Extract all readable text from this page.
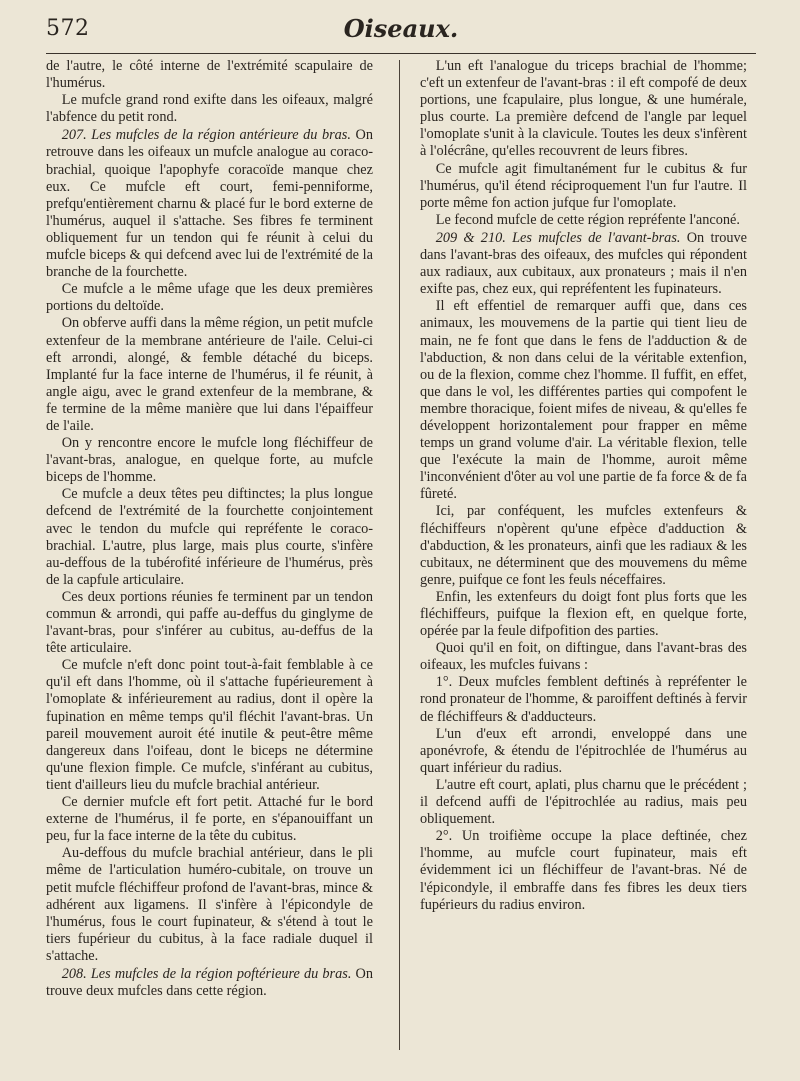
572	Oiseaux.

de l'autre, le côté interne de l'extrémité scapulaire de l'humérus.

Le mufcle grand rond exifte dans les oifeaux, malgré l'abfence du petit rond.

207. Les mufcles de la région antérieure du bras. On retrouve dans les oifeaux un mufcle analogue au coraco-brachial, quoique l'apophyfe coracoïde manque chez eux. Ce mufcle eft court, femi-penniforme, prefqu'entièrement charnu & placé fur le bord externe de l'humérus, auquel il s'attache. Ses fibres fe terminent obliquement fur un tendon qui fe réunit à celui du mufcle biceps & qui defcend avec lui de l'extrémité de la branche de la fourchette.

Ce mufcle a le même ufage que les deux premières portions du deltoïde.

On obferve auffi dans la même région, un petit mufcle extenfeur de la membrane antérieure de l'aile. Celui-ci eft arrondi, alongé, & femble détaché du biceps. Implanté fur la face interne de l'humérus, il fe réunit, à angle aigu, avec le grand extenfeur de la membrane, & fe termine de la même manière que lui dans l'épaiffeur de l'aile.

On y rencontre encore le mufcle long fléchiffeur de l'avant-bras, analogue, en quelque forte, au mufcle biceps de l'homme.

Ce mufcle a deux têtes peu diftinctes; la plus longue defcend de l'extrémité de la fourchette conjointement avec le tendon du mufcle qui repréfente le coraco-brachial. L'autre, plus large, mais plus courte, s'infère au-deffous de la tubérofité inférieure de l'humérus, près de la capfule articulaire.

Ces deux portions réunies fe terminent par un tendon commun & arrondi, qui paffe au-deffus du ginglyme de l'avant-bras, pour s'inférer au cubitus, au-deffus de la tête articulaire.

Ce mufcle n'eft donc point tout-à-fait femblable à ce qu'il eft dans l'homme, où il s'attache fupérieurement à l'omoplate & inférieurement au radius, dont il opère la fupination en même temps qu'il fléchit l'avant-bras. Un pareil mouvement auroit été inutile & peut-être même dangereux dans l'oifeau, dont le biceps ne détermine qu'une flexion fimple. Ce mufcle, s'inférant au cubitus, tient d'ailleurs lieu du mufcle brachial antérieur.

Ce dernier mufcle eft fort petit. Attaché fur le bord externe de l'humérus, il fe porte, en s'épanouiffant un peu, fur la face interne de la tête du cubitus.

Au-deffous du mufcle brachial antérieur, dans le pli même de l'articulation huméro-cubitale, on trouve un petit mufcle fléchiffeur profond de l'avant-bras, mince & adhérent aux ligamens. Il s'infère à l'épicondyle de l'humérus, fous le court fupinateur, & s'étend à tout le tiers fupérieur du cubitus, à la face radiale duquel il s'attache.

208. Les mufcles de la région poftérieure du bras. On trouve deux mufcles dans cette région.

L'un eft l'analogue du triceps brachial de l'homme; c'eft un extenfeur de l'avant-bras : il eft compofé de deux portions, une fcapulaire, plus longue, & une humérale, plus courte. La première defcend de l'angle par lequel l'omoplate s'unit à la clavicule. Toutes les deux s'infèrent à l'olécrâne, qu'elles recouvrent de leurs fibres.

Ce mufcle agit fimultanément fur le cubitus & fur l'humérus, qu'il étend réciproquement l'un fur l'autre. Il porte même fon action jufque fur l'omoplate.

Le fecond mufcle de cette région repréfente l'anconé.

209 & 210. Les mufcles de l'avant-bras. On trouve dans l'avant-bras des oifeaux, des mufcles qui répondent aux radiaux, aux cubitaux, aux pronateurs ; mais il n'en exifte pas, chez eux, qui repréfentent les fupinateurs.

Il eft effentiel de remarquer auffi que, dans ces animaux, les mouvemens de la partie qui tient lieu de main, ne fe font que dans le fens de l'adduction & de l'abduction, & non dans celui de la véritable extenfion, ou de la flexion, comme chez l'homme. Il fuffit, en effet, que dans le vol, les différentes parties qui compofent le membre thoracique, foient mifes de niveau, & qu'elles fe développent horizontalement pour frapper en même temps un grand volume d'air. La véritable flexion, telle que l'exécute la main de l'homme, auroit même l'inconvénient d'ôter au vol une partie de fa force & de fa fûreté.

Ici, par conféquent, les mufcles extenfeurs & fléchiffeurs n'opèrent qu'une efpèce d'adduction & d'abduction, & les pronateurs, ainfi que les radiaux & les cubitaux, ne déterminent que des mouvemens du même genre, puifque ce font les feuls néceffaires.

Enfin, les extenfeurs du doigt font plus forts que les fléchiffeurs, puifque la flexion eft, en quelque forte, opérée par la feule difpofition des parties.

Quoi qu'il en foit, on diftingue, dans l'avant-bras des oifeaux, les mufcles fuivans :

1°. Deux mufcles femblent deftinés à repréfenter le rond pronateur de l'homme, & paroiffent deftinés à fervir de fléchiffeurs & d'adducteurs.

L'un d'eux eft arrondi, enveloppé dans une aponévrofe, & étendu de l'épitrochlée de l'humérus au quart inférieur du radius.

L'autre eft court, aplati, plus charnu que le précédent ; il defcend auffi de l'épitrochlée au radius, mais peu obliquement.

2°. Un troifième occupe la place deftinée, chez l'homme, au mufcle court fupinateur, mais eft évidemment ici un fléchiffeur de l'avant-bras. Né de l'épicondyle, il embraffe dans fes fibres les deux tiers fupérieurs du radius environ.
